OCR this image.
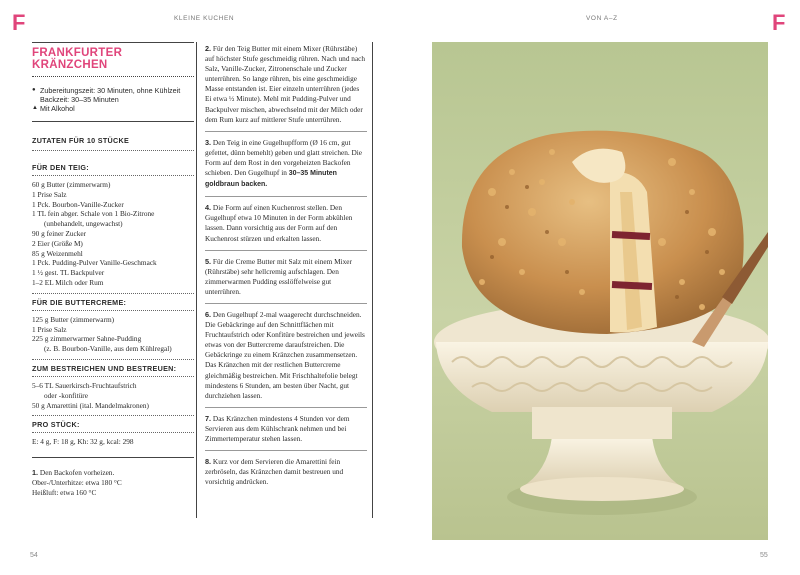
F	KLEINE KUCHEN	VON A–Z	F
FRANKFURTER KRÄNZCHEN
● Zubereitungszeit: 30 Minuten, ohne Kühlzeit
Backzeit: 30–35 Minuten
▲ Mit Alkohol
ZUTATEN FÜR 10 STÜCKE
FÜR DEN TEIG:
60 g Butter (zimmerwarm)
1 Prise Salz
1 Pck. Bourbon-Vanille-Zucker
1 TL fein abger. Schale von 1 Bio-Zitrone
(unbehandelt, ungewachst)
90 g feiner Zucker
2 Eier (Größe M)
85 g Weizenmehl
1 Pck. Pudding-Pulver Vanille-Geschmack
1 ½ gest. TL Backpulver
1–2 EL Milch oder Rum
FÜR DIE BUTTERCREME:
125 g Butter (zimmerwarm)
1 Prise Salz
225 g zimmerwarmer Sahne-Pudding
(z. B. Bourbon-Vanille, aus dem Kühlregal)
ZUM BESTREICHEN UND BESTREUEN:
5–6 TL Sauerkirsch-Fruchtaufstrich
oder -konfitüre
50 g Amarettini (ital. Mandelmakronen)
PRO STÜCK:
E: 4 g, F: 18 g, Kh: 32 g, kcal: 298
1. Den Backofen vorheizen.
Ober-/Unterhitze: etwa 180 °C
Heißluft: etwa 160 °C
2. Für den Teig Butter mit einem Mixer (Rührstäbe) auf höchster Stufe geschmeidig rühren. Nach und nach Salz, Vanille-Zucker, Zitronenschale und Zucker unterrühren. So lange rühren, bis eine geschmeidige Masse entstanden ist. Eier einzeln unterrühren (jedes Ei etwa ½ Minute). Mehl mit Pudding-Pulver und Backpulver mischen, abwechselnd mit der Milch oder dem Rum kurz auf mittlerer Stufe unterrühren.
3. Den Teig in eine Gugelhupfform (Ø 16 cm, gut gefettet, dünn bemehlt) geben und glatt streichen. Die Form auf dem Rost in den vorgeheizten Backofen schieben. Den Gugelhupf in 30–35 Minuten goldbraun backen.
4. Die Form auf einen Kuchenrost stellen. Den Gugelhupf etwa 10 Minuten in der Form abkühlen lassen. Dann vorsichtig aus der Form auf den Kuchenrost stürzen und erkalten lassen.
5. Für die Creme Butter mit Salz mit einem Mixer (Rührstäbe) sehr hellcremig aufschlagen. Den zimmerwarmen Pudding esslöffelweise gut unterrühren.
6. Den Gugelhupf 2-mal waagerecht durchschneiden. Die Gebäckringe auf den Schnittflächen mit Fruchtaufstrich oder Konfitüre bestreichen und jeweils etwas von der Buttercreme daraufstreichen. Die Gebäckringe zu einem Kränzchen zusammensetzen. Das Kränzchen mit der restlichen Buttercreme gleichmäßig bestreichen. Mit Frischhaltefolie belegt mindestens 6 Stunden, am besten über Nacht, gut durchziehen lassen.
7. Das Kränzchen mindestens 4 Stunden vor dem Servieren aus dem Kühlschrank nehmen und bei Zimmertemperatur stehen lassen.
8. Kurz vor dem Servieren die Amarettini fein zerbröseln, das Kränzchen damit bestreuen und vorsichtig andrücken.
54	55
